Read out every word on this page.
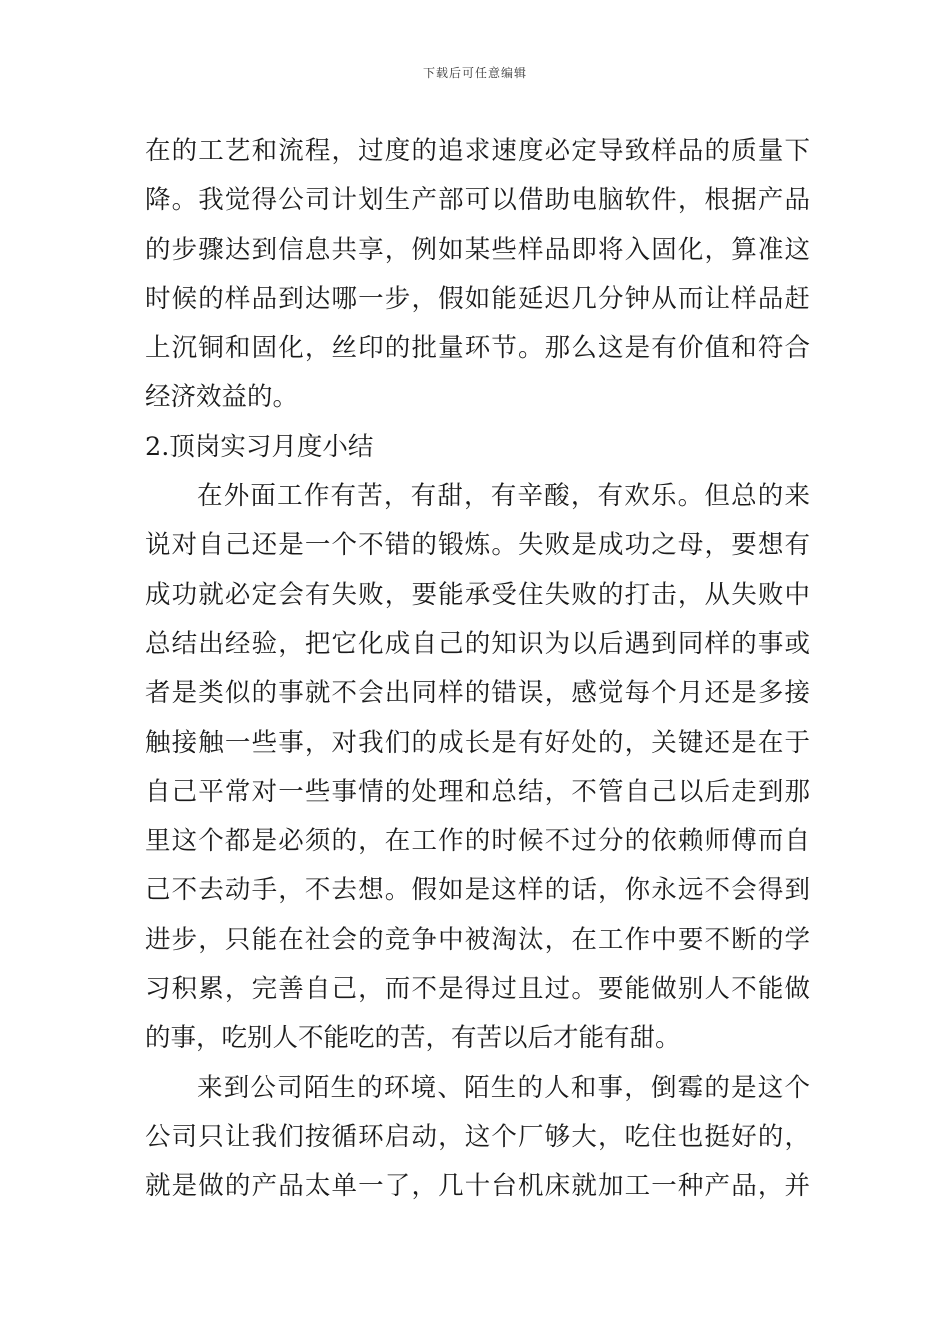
下载后可任意编辑
在的工艺和流程，过度的追求速度必定导致样品的质量下
降。我觉得公司计划生产部可以借助电脑软件，根据产品
的步骤达到信息共享，例如某些样品即将入固化，算准这
时候的样品到达哪一步，假如能延迟几分钟从而让样品赶
上沉铜和固化，丝印的批量环节。那么这是有价值和符合
经济效益的。
2.顶岗实习月度小结
在外面工作有苦，有甜，有辛酸，有欢乐。但总的来
说对自己还是一个不错的锻炼。失败是成功之母，要想有
成功就必定会有失败，要能承受住失败的打击，从失败中
总结出经验，把它化成自己的知识为以后遇到同样的事或
者是类似的事就不会出同样的错误，感觉每个月还是多接
触接触一些事，对我们的成长是有好处的，关键还是在于
自己平常对一些事情的处理和总结，不管自己以后走到那
里这个都是必须的，在工作的时候不过分的依赖师傅而自
己不去动手，不去想。假如是这样的话，你永远不会得到
进步，只能在社会的竞争中被淘汰，在工作中要不断的学
习积累，完善自己，而不是得过且过。要能做别人不能做
的事，吃别人不能吃的苦，有苦以后才能有甜。
来到公司陌生的环境、陌生的人和事，倒霉的是这个
公司只让我们按循环启动，这个厂够大，吃住也挺好的，
就是做的产品太单一了，几十台机床就加工一种产品，并
